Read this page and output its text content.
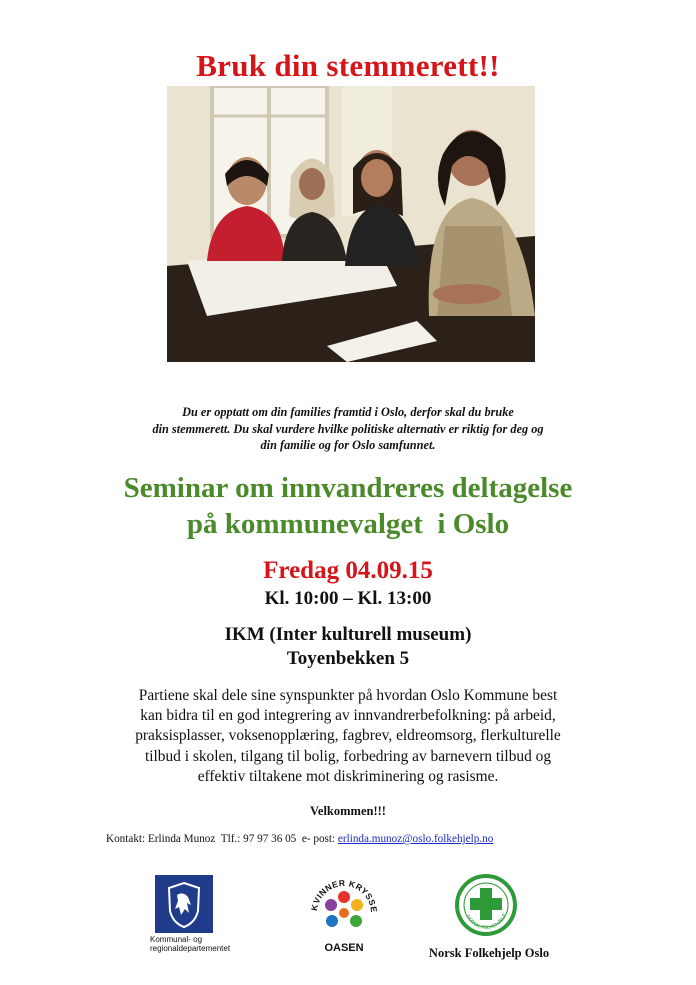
Bruk din stemmerett!!
Du er opptatt om din families framtid i Oslo, derfor skal du bruke
din stemmerett. Du skal vurdere hvilke politiske alternativ er riktig for deg og
din familie og for Oslo samfunnet.
Seminar om innvandreres deltagelse
på kommunevalget  i Oslo
Fredag 04.09.15
Kl. 10:00 – Kl. 13:00
IKM (Inter kulturell museum)
Toyenbekken 5
Partiene skal dele sine synspunkter på hvordan Oslo Kommune best
kan bidra til en god integrering av innvandrerbefolkning: på arbeid,
praksisplasser, voksenopplæring, fagbrev, eldreomsorg, flerkulturelle
tilbud i skolen, tilgang til bolig, forbedring av barnevern tilbud og
effektiv tiltakene mot diskriminering og rasisme.
Velkommen!!!
Kontakt: Erlinda Munoz  Tlf.: 97 97 36 05  e- post: erlinda.munoz@oslo.folkehjelp.no
Kommunal- og
regionaldepartementet
KVINNER KRYSSE
OASEN
NORSK FOLKEHJELP
Norsk Folkehjelp Oslo
